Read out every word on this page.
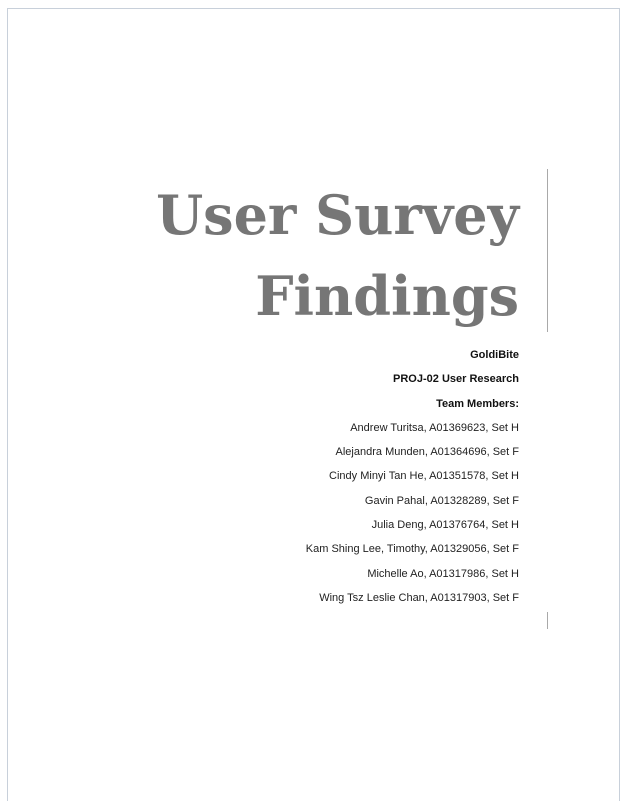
User Survey
Findings
GoldiBite
PROJ-02 User Research
Team Members:
Andrew Turitsa, A01369623, Set H
Alejandra Munden, A01364696, Set F
Cindy Minyi Tan He, A01351578, Set H
Gavin Pahal, A01328289, Set F
Julia Deng, A01376764, Set H
Kam Shing Lee, Timothy, A01329056, Set F
Michelle Ao, A01317986, Set H
Wing Tsz Leslie Chan, A01317903, Set F
